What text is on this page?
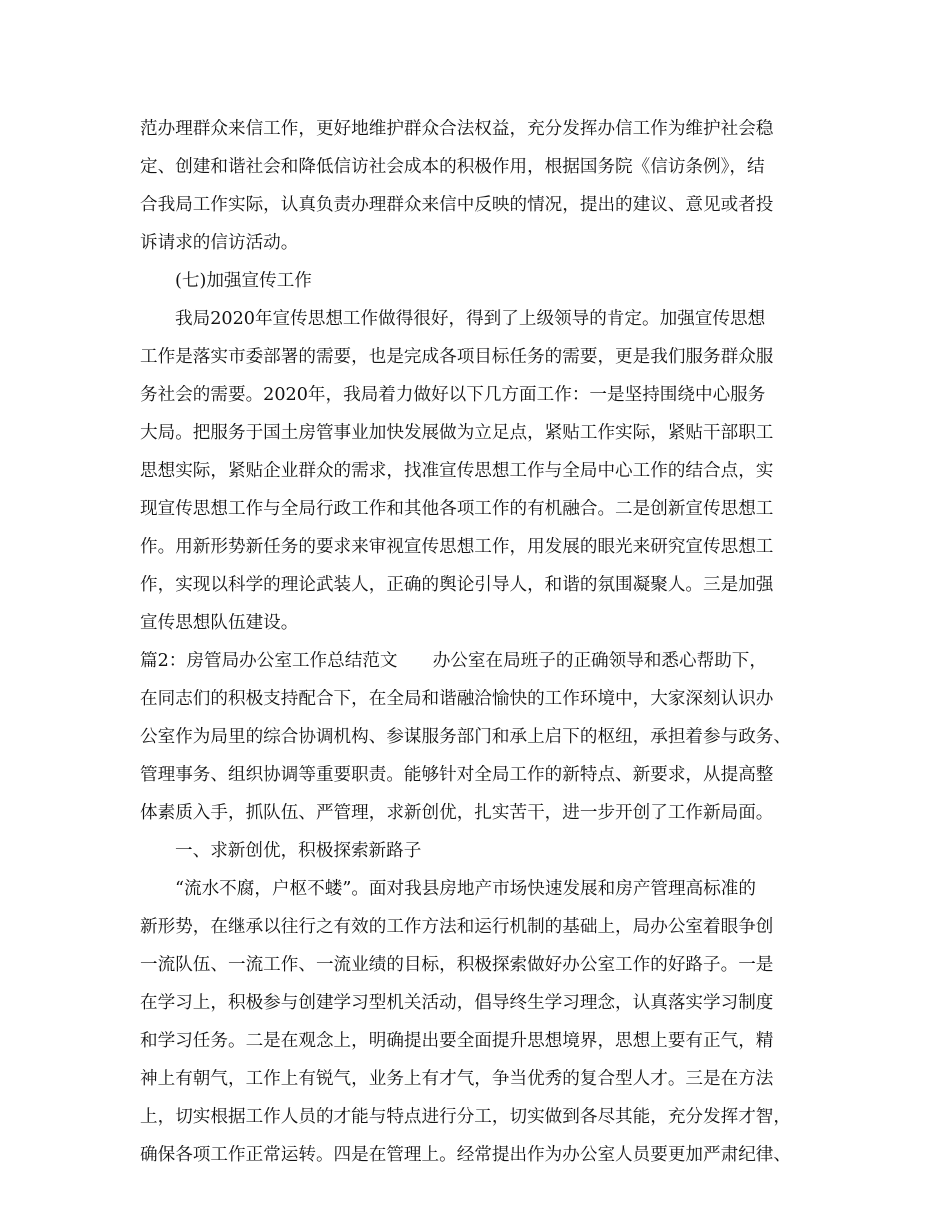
范办理群众来信工作，更好地维护群众合法权益，充分发挥办信工作为维护社会稳
定、创建和谐社会和降低信访社会成本的积极作用，根据国务院《信访条例》，结
合我局工作实际，认真负责办理群众来信中反映的情况，提出的建议、意见或者投
诉请求的信访活动。
(七)加强宣传工作
我局2020年宣传思想工作做得很好，得到了上级领导的肯定。加强宣传思想
工作是落实市委部署的需要，也是完成各项目标任务的需要，更是我们服务群众服
务社会的需要。2020年，我局着力做好以下几方面工作：一是坚持围绕中心服务
大局。把服务于国土房管事业加快发展做为立足点，紧贴工作实际，紧贴干部职工
思想实际，紧贴企业群众的需求，找准宣传思想工作与全局中心工作的结合点，实
现宣传思想工作与全局行政工作和其他各项工作的有机融合。二是创新宣传思想工
作。用新形势新任务的要求来审视宣传思想工作，用发展的眼光来研究宣传思想工
作，实现以科学的理论武装人，正确的舆论引导人，和谐的氛围凝聚人。三是加强
宣传思想队伍建设。
篇2：房管局办公室工作总结范文　　办公室在局班子的正确领导和悉心帮助下，
在同志们的积极支持配合下，在全局和谐融洽愉快的工作环境中，大家深刻认识办
公室作为局里的综合协调机构、参谋服务部门和承上启下的枢纽，承担着参与政务、
管理事务、组织协调等重要职责。能够针对全局工作的新特点、新要求，从提高整
体素质入手，抓队伍、严管理，求新创优，扎实苦干，进一步开创了工作新局面。
一、求新创优，积极探索新路子
“流水不腐，户枢不蝼”。面对我县房地产市场快速发展和房产管理高标准的
新形势，在继承以往行之有效的工作方法和运行机制的基础上，局办公室着眼争创
一流队伍、一流工作、一流业绩的目标，积极探索做好办公室工作的好路子。一是
在学习上，积极参与创建学习型机关活动，倡导终生学习理念，认真落实学习制度
和学习任务。二是在观念上，明确提出要全面提升思想境界，思想上要有正气，精
神上有朝气，工作上有锐气，业务上有才气，争当优秀的复合型人才。三是在方法
上，切实根据工作人员的才能与特点进行分工，切实做到各尽其能，充分发挥才智，
确保各项工作正常运转。四是在管理上。经常提出作为办公室人员要更加严肃纪律、
